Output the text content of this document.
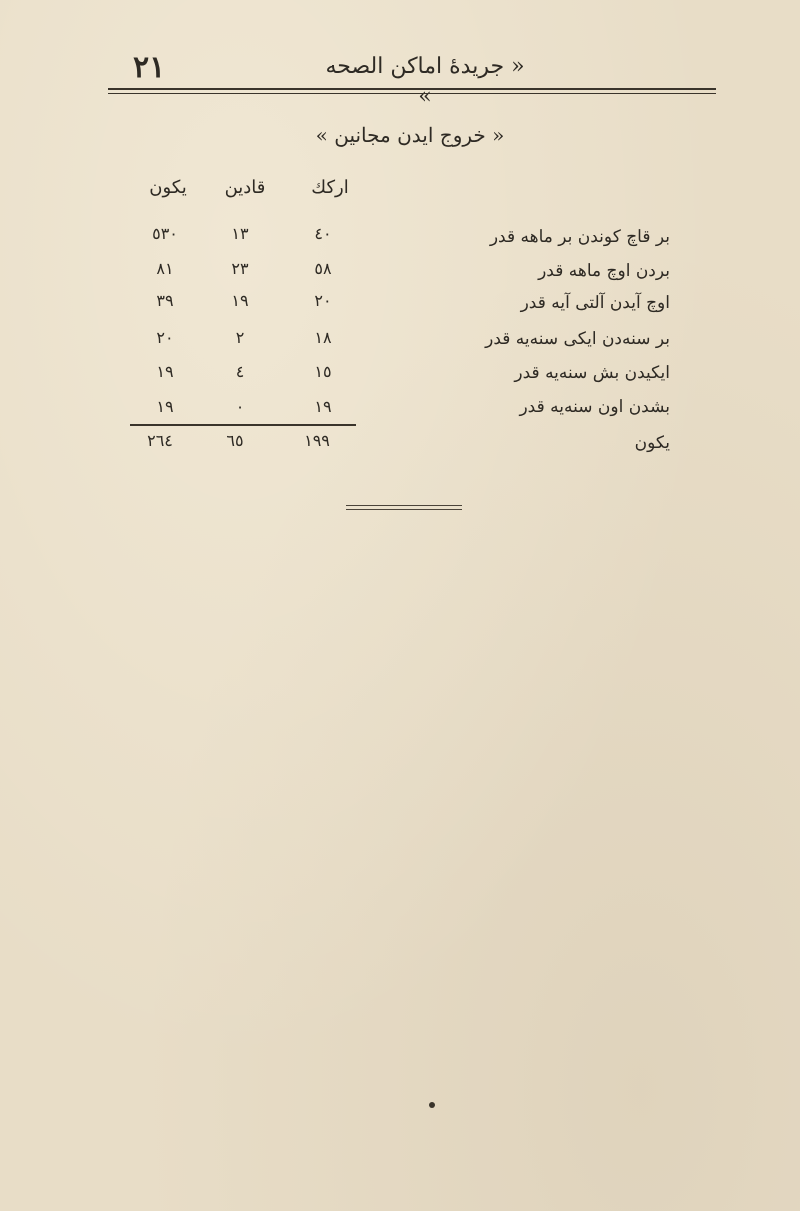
٢١	« جريدهٔ اماكن الصحه »
« خروج ايدن مجانين »
اركك
قادين
يكون
بر قاچ كوندن بر ماهه قدر
٤٠
١٣
٥٣٠
بردن اوچ ماهه قدر
٥٨
٢٣
٨١
اوچ آيدن آلتى آيه قدر
٢٠
١٩
٣٩
بر سنه‌دن ايكى سنه‌يه قدر
١٨
٢
٢٠
ايكيدن بش سنه‌يه قدر
١٥
٤
١٩
بشدن اون سنه‌يه قدر
١٩
٠
١٩
يكون
١٩٩
٦٥
٢٦٤
